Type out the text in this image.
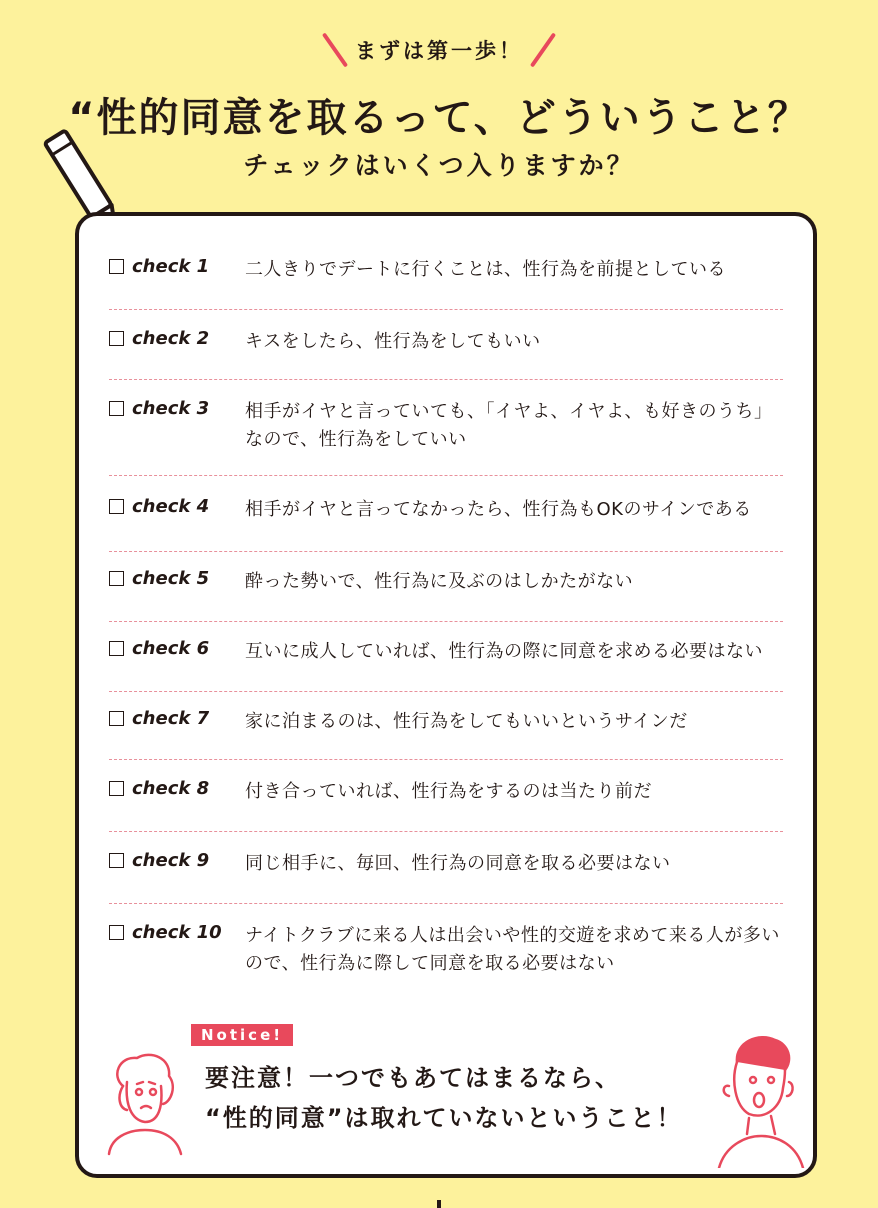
まずは第一歩！
“性的同意を取るって、どういうこと？
チェックはいくつ入りますか？
check 1 二人きりでデートに行くことは、性行為を前提としている
check 2 キスをしたら、性行為をしてもいい
check 3 相手がイヤと言っていても、「イヤよ、イヤよ、も好きのうち」なので、性行為をしていい
check 4 相手がイヤと言ってなかったら、性行為もOKのサインである
check 5 酔った勢いで、性行為に及ぶのはしかたがない
check 6 互いに成人していれば、性行為の際に同意を求める必要はない
check 7 家に泊まるのは、性行為をしてもいいというサインだ
check 8 付き合っていれば、性行為をするのは当たり前だ
check 9 同じ相手に、毎回、性行為の同意を取る必要はない
check 10 ナイトクラブに来る人は出会いや性的交遊を求めて来る人が多いので、性行為に際して同意を取る必要はない
Notice!
要注意！一つでもあてはまるなら、
“性的同意”は取れていないということ！
